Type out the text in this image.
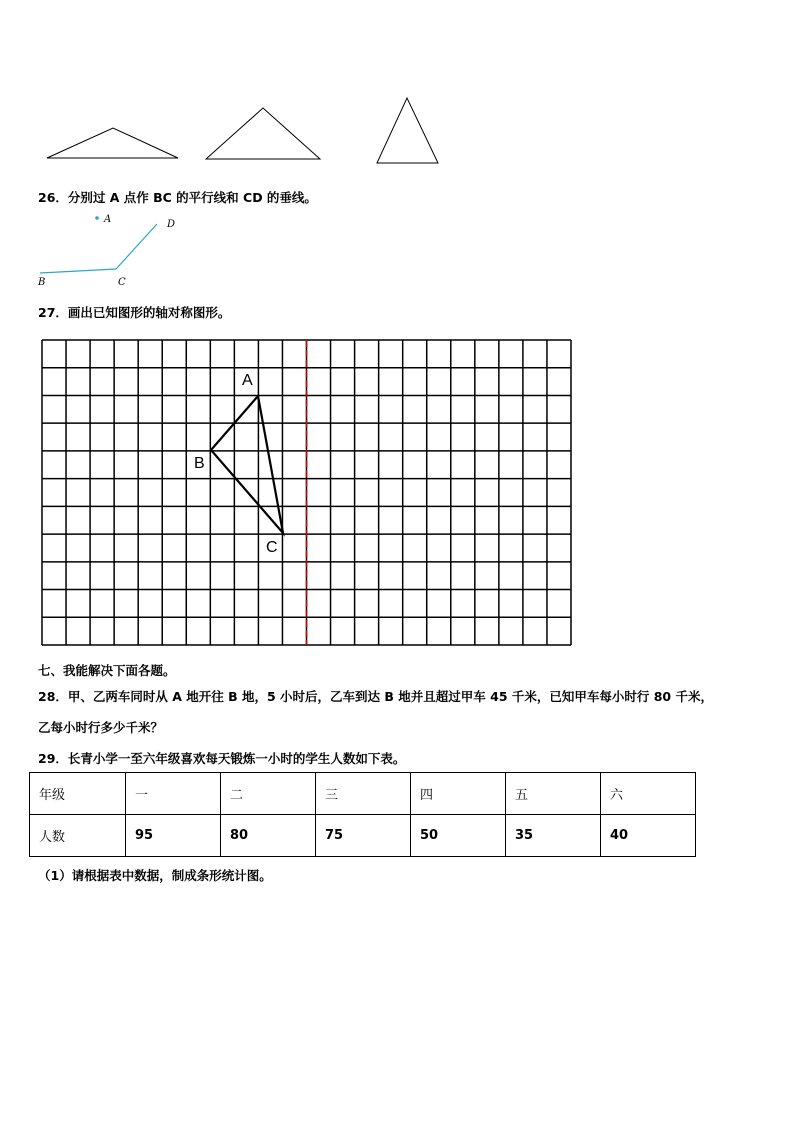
26．分别过 A 点作 BC 的平行线和 CD 的垂线。
A	D
B	C
27．画出已知图形的轴对称图形。
A
B
C
七、我能解决下面各题。
28．甲、乙两车同时从 A 地开往 B 地，5 小时后，乙车到达 B 地并且超过甲车 45 千米，已知甲车每小时行 80 千米，
乙每小时行多少千米？
29．长青小学一至六年级喜欢每天锻炼一小时的学生人数如下表。
年级	一	二	三	四	五	六
人数	95	80	75	50	35	40
（1）请根据表中数据，制成条形统计图。
